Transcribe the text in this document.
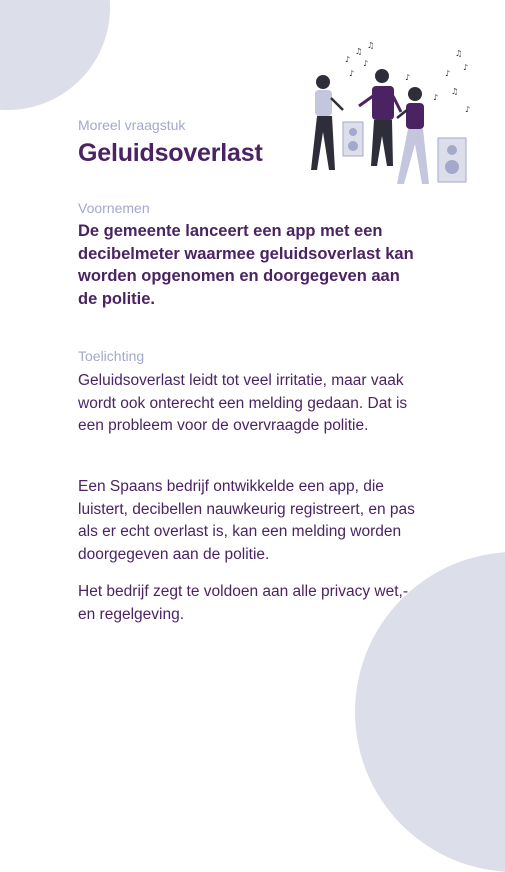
♪
♫
♪
♪
♫
♪
♫
♪
♪
♫
♪
♪
Moreel vraagstuk
Geluidsoverlast
Voornemen
De gemeente lanceert een app met een decibelmeter waarmee geluidsoverlast kan worden opgenomen en doorgegeven aan de politie.
Toelichting
Geluidsoverlast leidt tot veel irritatie, maar vaak wordt ook onterecht een melding gedaan. Dat is een probleem voor de overvraagde politie.
Een Spaans bedrijf ontwikkelde een app, die luistert, decibellen nauwkeurig registreert, en pas als er echt overlast is, kan een melding worden doorgegeven aan de politie.
Het bedrijf zegt te voldoen aan alle privacy wet,- en regelgeving.
